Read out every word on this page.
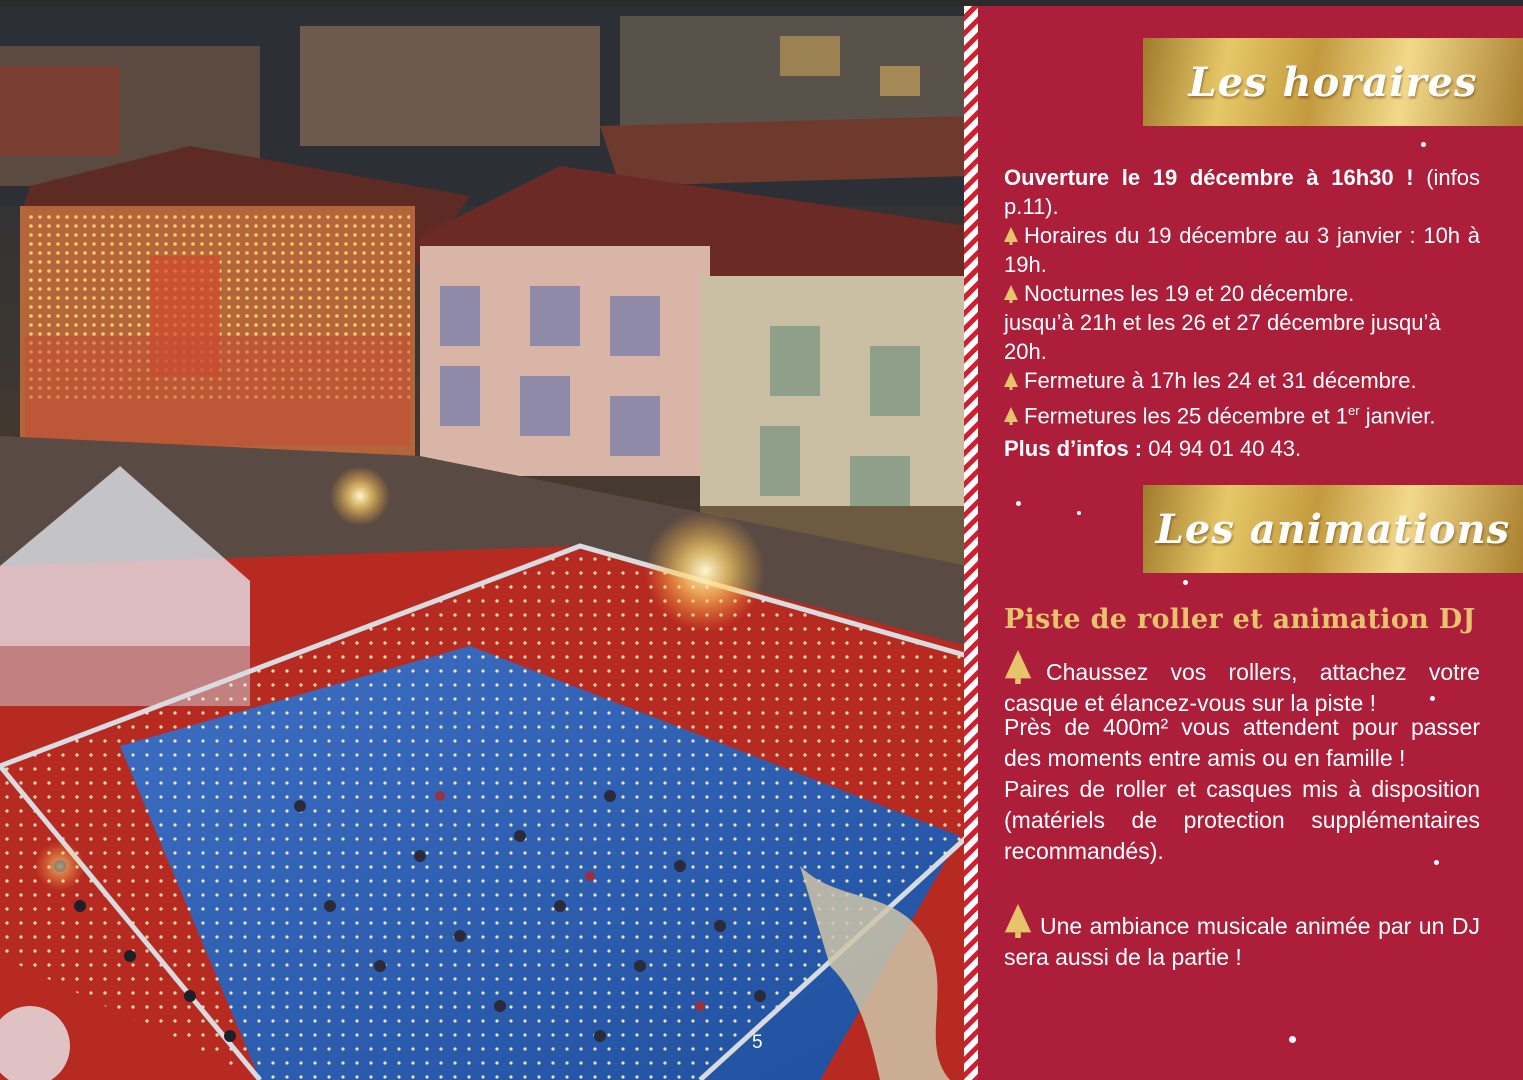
5
Les horaires
Ouverture le 19 décembre à 16h30 ! (infos p.11).
Horaires du 19 décembre au 3 janvier : 10h à 19h.
Nocturnes les 19 et 20 décembre.
jusqu’à 21h et les 26 et 27 décembre jusqu’à 20h.
Fermeture à 17h les 24 et 31 décembre.
Fermetures les 25 décembre et 1er janvier.
Plus d’infos : 04 94 01 40 43.
Les animations
Piste de roller et animation DJ
Chaussez vos rollers, attachez votre casque et élancez-vous sur la piste !
Près de 400m² vous attendent pour passer des moments entre amis ou en famille !
Paires de roller et casques mis à disposition (matériels de protection supplémentaires recommandés).
Une ambiance musicale animée par un DJ sera aussi de la partie !
